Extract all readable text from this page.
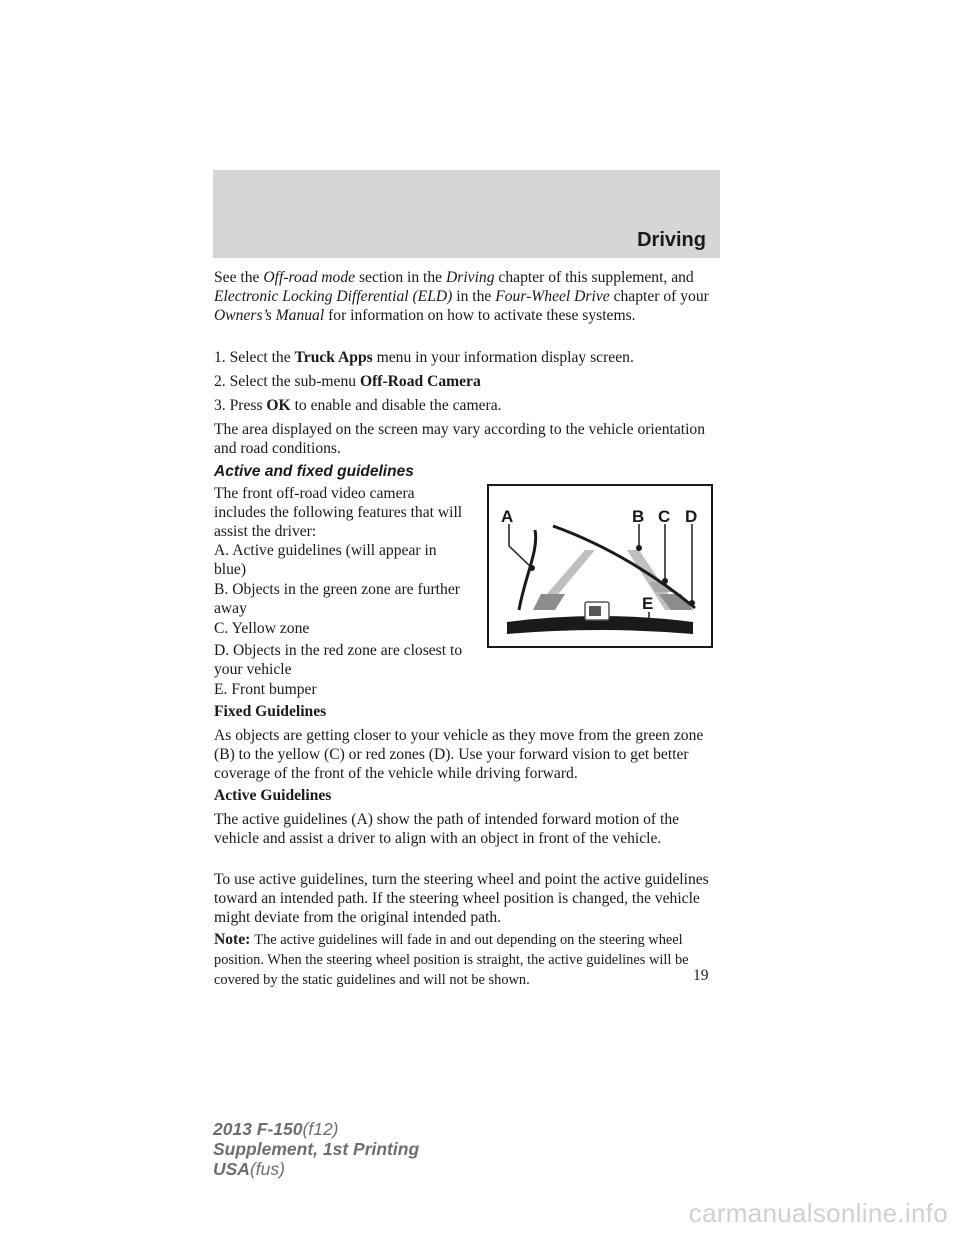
Driving

See the Off-road mode section in the Driving chapter of this supplement, and Electronic Locking Differential (ELD) in the Four-Wheel Drive chapter of your Owners’s Manual for information on how to activate these systems.

1. Select the Truck Apps menu in your information display screen.

2. Select the sub-menu Off-Road Camera

3. Press OK to enable and disable the camera.

The area displayed on the screen may vary according to the vehicle orientation and road conditions.

Active and fixed guidelines

The front off-road video camera includes the following features that will assist the driver:

A. Active guidelines (will appear in blue)

B. Objects in the green zone are further away

C. Yellow zone

D. Objects in the red zone are closest to your vehicle

E. Front bumper

A	B C D
E

Fixed Guidelines

As objects are getting closer to your vehicle as they move from the green zone (B) to the yellow (C) or red zones (D). Use your forward vision to get better coverage of the front of the vehicle while driving forward.

Active Guidelines

The active guidelines (A) show the path of intended forward motion of the vehicle and assist a driver to align with an object in front of the vehicle.

To use active guidelines, turn the steering wheel and point the active guidelines toward an intended path. If the steering wheel position is changed, the vehicle might deviate from the original intended path.

Note: The active guidelines will fade in and out depending on the steering wheel position. When the steering wheel position is straight, the active guidelines will be covered by the static guidelines and will not be shown.	19
2013 F-150(f12)
Supplement, 1st Printing
USA(fus)
carmanualsonline.info
